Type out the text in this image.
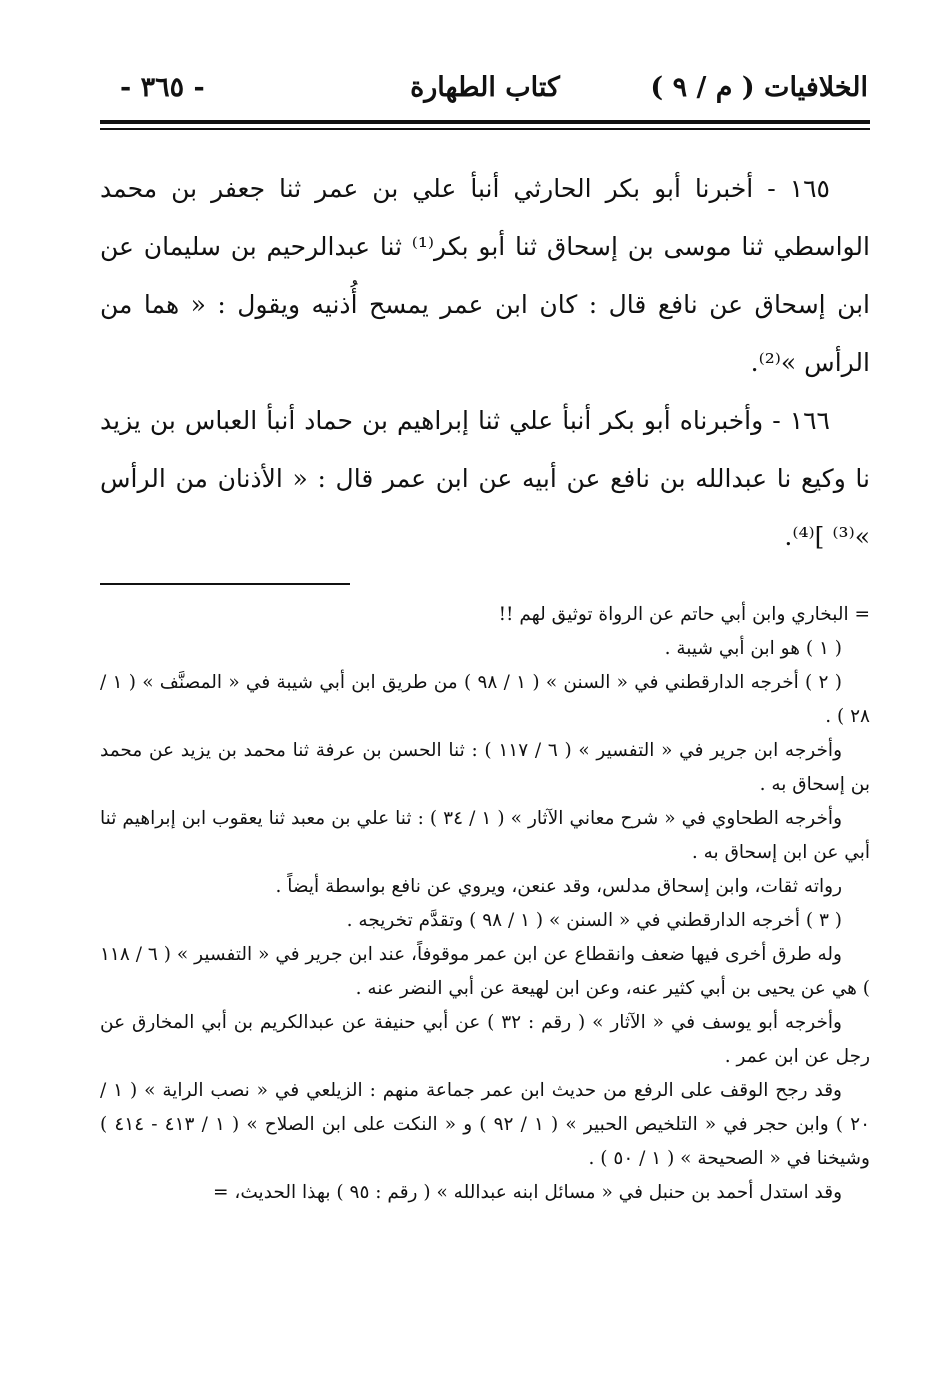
الخلافيات ( م / ٩ )
كتاب الطهارة
- ٣٦٥ -

١٦٥ - أخبرنا أبو بكر الحارثي أنبأ علي بن عمر ثنا جعفر بن محمد الواسطي ثنا موسى بن إسحاق ثنا أبو بكر⁽¹⁾ ثنا عبدالرحيم بن سليمان عن ابن إسحاق عن نافع قال : كان ابن عمر يمسح أُذنيه ويقول : « هما من الرأس »⁽²⁾.

١٦٦ - وأخبرناه أبو بكر أنبأ علي ثنا إبراهيم بن حماد أنبأ العباس بن يزيد نا وكيع نا عبدالله بن نافع عن أبيه عن ابن عمر قال : « الأذنان من الرأس »⁽³⁾ ]⁽⁴⁾.

= البخاري وابن أبي حاتم عن الرواة توثيق لهم !!

( ١ ) هو ابن أبي شيبة .

( ٢ ) أخرجه الدارقطني في « السنن » ( ١ / ٩٨ ) من طريق ابن أبي شيبة في « المصنَّف » ( ١ / ٢٨ ) .

وأخرجه ابن جرير في « التفسير » ( ٦ / ١١٧ ) : ثنا الحسن بن عرفة ثنا محمد بن يزيد عن محمد بن إسحاق به .

وأخرجه الطحاوي في « شرح معاني الآثار » ( ١ / ٣٤ ) : ثنا علي بن معبد ثنا يعقوب ابن إبراهيم ثنا أبي عن ابن إسحاق به .

رواته ثقات، وابن إسحاق مدلس، وقد عنعن، ويروي عن نافع بواسطة أيضاً .

( ٣ ) أخرجه الدارقطني في « السنن » ( ١ / ٩٨ ) وتقدَّم تخريجه .

وله طرق أخرى فيها ضعف وانقطاع عن ابن عمر موقوفاً، عند ابن جرير في « التفسير » ( ٦ / ١١٨ ) هي عن يحيى بن أبي كثير عنه، وعن ابن لهيعة عن أبي النضر عنه .

وأخرجه أبو يوسف في « الآثار » ( رقم : ٣٢ ) عن أبي حنيفة عن عبدالكريم بن أبي المخارق عن رجل عن ابن عمر .

وقد رجح الوقف على الرفع من حديث ابن عمر جماعة منهم : الزيلعي في « نصب الراية » ( ١ / ٢٠ ) وابن حجر في « التلخيص الحبير » ( ١ / ٩٢ ) و « النكت على ابن الصلاح » ( ١ / ٤١٣ - ٤١٤ ) وشيخنا في « الصحيحة » ( ١ / ٥٠ ) .

وقد استدل أحمد بن حنبل في « مسائل ابنه عبدالله » ( رقم : ٩٥ ) بهذا الحديث، =
